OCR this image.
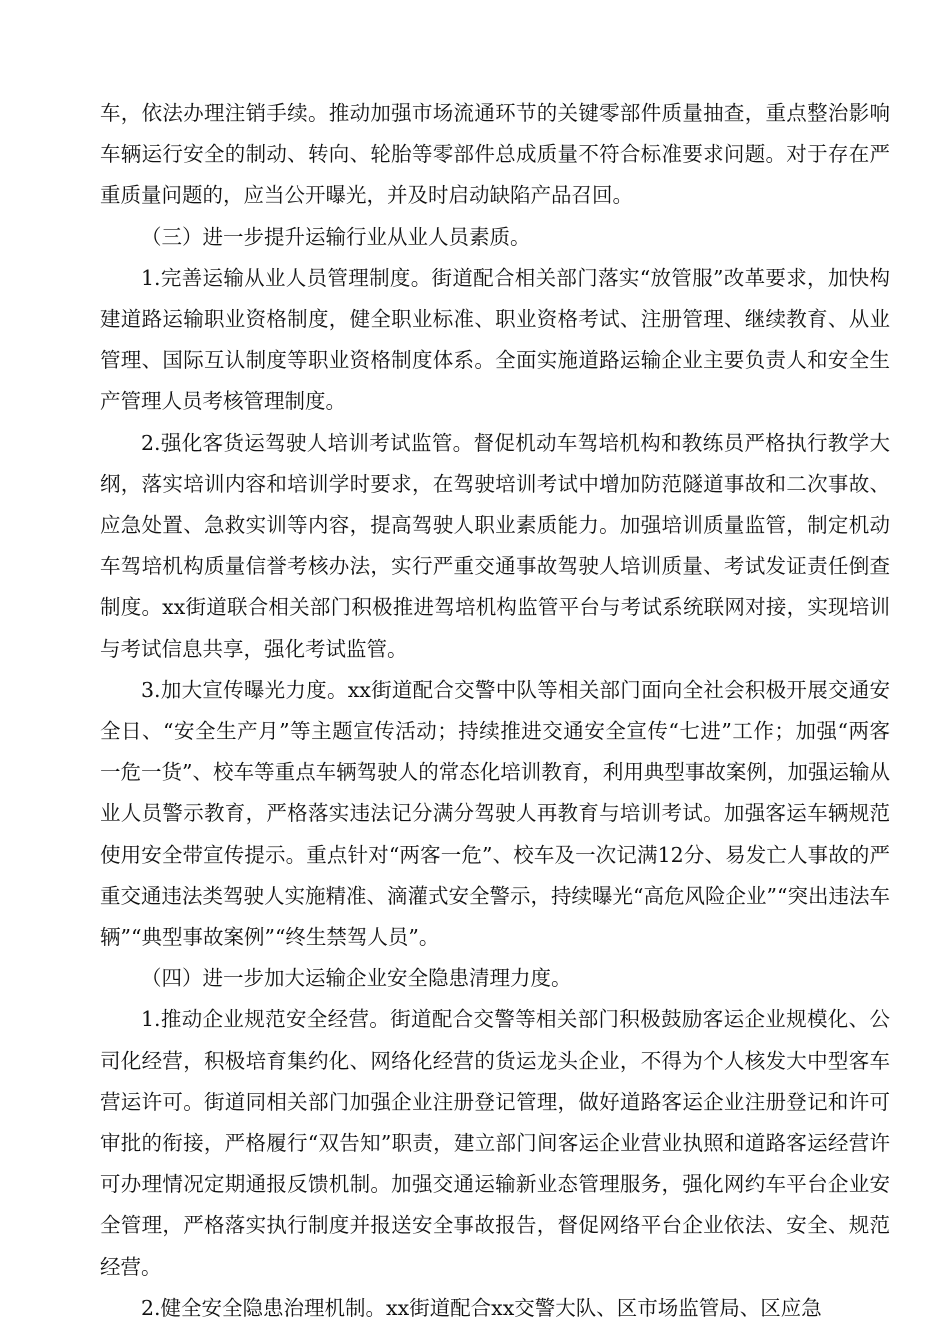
车，依法办理注销手续。推动加强市场流通环节的关键零部件质量抽查，重点整治影响车辆运行安全的制动、转向、轮胎等零部件总成质量不符合标准要求问题。对于存在严重质量问题的，应当公开曝光，并及时启动缺陷产品召回。

（三）进一步提升运输行业从业人员素质。

1.完善运输从业人员管理制度。街道配合相关部门落实“放管服”改革要求，加快构建道路运输职业资格制度，健全职业标准、职业资格考试、注册管理、继续教育、从业管理、国际互认制度等职业资格制度体系。全面实施道路运输企业主要负责人和安全生产管理人员考核管理制度。

2.强化客货运驾驶人培训考试监管。督促机动车驾培机构和教练员严格执行教学大纲，落实培训内容和培训学时要求，在驾驶培训考试中增加防范隧道事故和二次事故、应急处置、急救实训等内容，提高驾驶人职业素质能力。加强培训质量监管，制定机动车驾培机构质量信誉考核办法，实行严重交通事故驾驶人培训质量、考试发证责任倒查制度。xx街道联合相关部门积极推进驾培机构监管平台与考试系统联网对接，实现培训与考试信息共享，强化考试监管。

3.加大宣传曝光力度。xx街道配合交警中队等相关部门面向全社会积极开展交通安全日、“安全生产月”等主题宣传活动；持续推进交通安全宣传“七进”工作；加强“两客一危一货”、校车等重点车辆驾驶人的常态化培训教育，利用典型事故案例，加强运输从业人员警示教育，严格落实违法记分满分驾驶人再教育与培训考试。加强客运车辆规范使用安全带宣传提示。重点针对“两客一危”、校车及一次记满12分、易发亡人事故的严重交通违法类驾驶人实施精准、滴灌式安全警示，持续曝光“高危风险企业”“突出违法车辆”“典型事故案例”“终生禁驾人员”。

（四）进一步加大运输企业安全隐患清理力度。

1.推动企业规范安全经营。街道配合交警等相关部门积极鼓励客运企业规模化、公司化经营，积极培育集约化、网络化经营的货运龙头企业，不得为个人核发大中型客车营运许可。街道同相关部门加强企业注册登记管理，做好道路客运企业注册登记和许可审批的衔接，严格履行“双告知”职责，建立部门间客运企业营业执照和道路客运经营许可办理情况定期通报反馈机制。加强交通运输新业态管理服务，强化网约车平台企业安全管理，严格落实执行制度并报送安全事故报告，督促网络平台企业依法、安全、规范经营。

2.健全安全隐患治理机制。xx街道配合xx交警大队、区市场监管局、区应急
